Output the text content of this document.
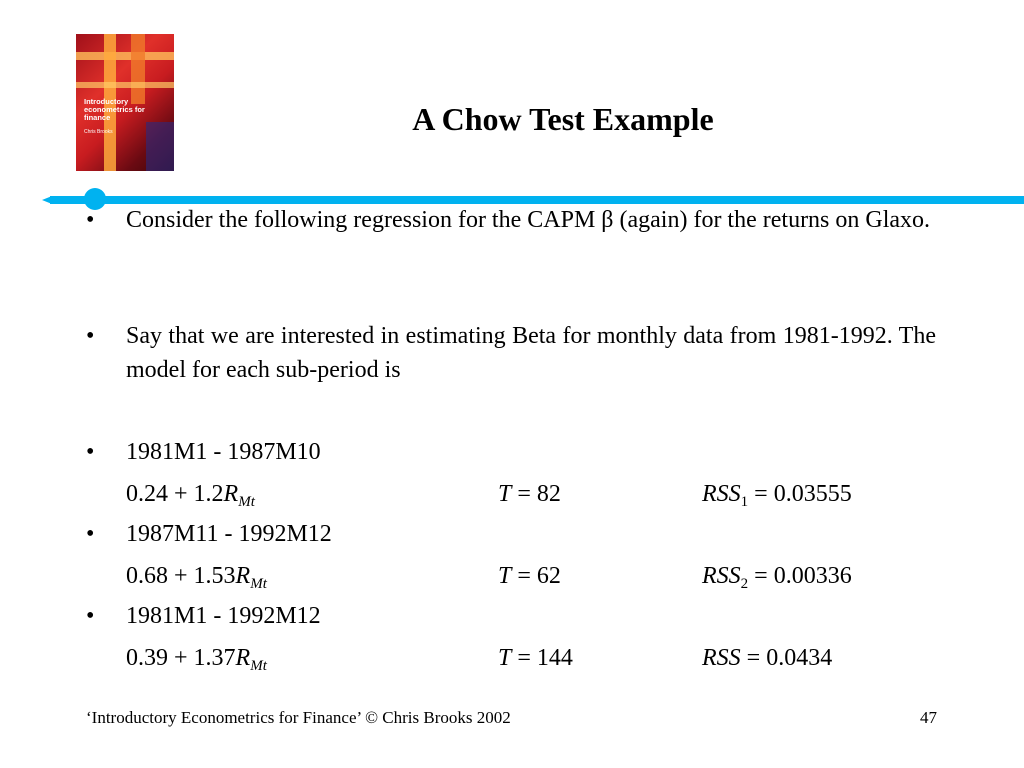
Introductory econometrics for finance
Chris Brooks	A Chow Test Example
• Consider the following regression for the CAPM β (again) for the returns on Glaxo.
• Say that we are interested in estimating Beta for monthly data from 1981-1992. The model for each sub-period is
• 1981M1 - 1987M10
$0.24 + 1.2R_{Mt}$	T = 82	$RSS_1 = 0.03555$
• 1987M11 - 1992M12
$0.68 + 1.53R_{Mt}$	T = 62	$RSS_2 = 0.00336$
• 1981M1 - 1992M12
$0.39 + 1.37R_{Mt}$	T = 144	RSS = 0.0434
‘Introductory Econometrics for Finance’ © Chris Brooks 2002	47
